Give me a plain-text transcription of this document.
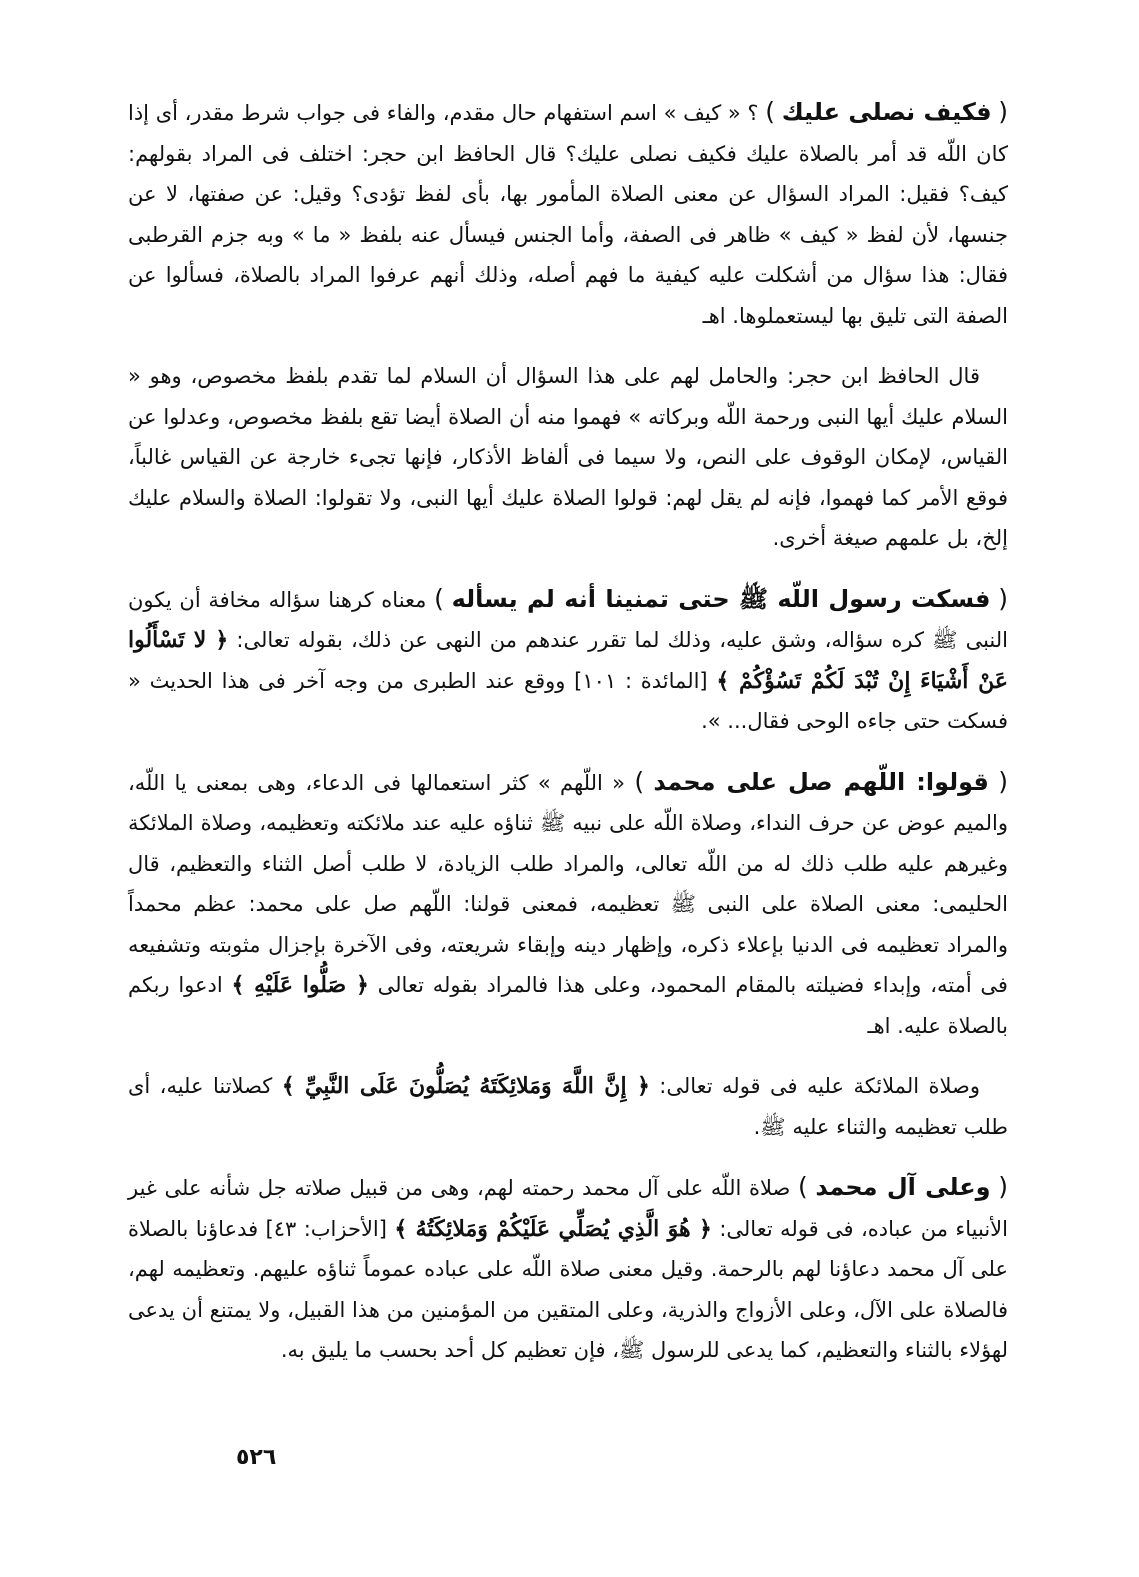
( فكيف نصلى عليك ) ؟ « كيف » اسم استفهام حال مقدم، والفاء فى جواب شرط مقدر، أى إذا كان اللّه قد أمر بالصلاة عليك فكيف نصلى عليك؟ قال الحافظ ابن حجر: اختلف فى المراد بقولهم: كيف؟ فقيل: المراد السؤال عن معنى الصلاة المأمور بها، بأى لفظ تؤدى؟ وقيل: عن صفتها، لا عن جنسها، لأن لفظ « كيف » ظاهر فى الصفة، وأما الجنس فيسأل عنه بلفظ « ما » وبه جزم القرطبى فقال: هذا سؤال من أشكلت عليه كيفية ما فهم أصله، وذلك أنهم عرفوا المراد بالصلاة، فسألوا عن الصفة التى تليق بها ليستعملوها. اهـ

قال الحافظ ابن حجر: والحامل لهم على هذا السؤال أن السلام لما تقدم بلفظ مخصوص، وهو « السلام عليك أيها النبى ورحمة اللّه وبركاته » فهموا منه أن الصلاة أيضا تقع بلفظ مخصوص، وعدلوا عن القياس، لإمكان الوقوف على النص، ولا سيما فى ألفاظ الأذكار، فإنها تجىء خارجة عن القياس غالباً، فوقع الأمر كما فهموا، فإنه لم يقل لهم: قولوا الصلاة عليك أيها النبى، ولا تقولوا: الصلاة والسلام عليك إلخ، بل علمهم صيغة أخرى.

( فسكت رسول اللّه ﷺ حتى تمنينا أنه لم يسأله ) معناه كرهنا سؤاله مخافة أن يكون النبى ﷺ كره سؤاله، وشق عليه، وذلك لما تقرر عندهم من النهى عن ذلك، بقوله تعالى: ﴿ لا تَسْأَلُوا عَنْ أَشْيَاءَ إِنْ تُبْدَ لَكُمْ تَسُؤْكُمْ ﴾ [المائدة : ١٠١] ووقع عند الطبرى من وجه آخر فى هذا الحديث « فسكت حتى جاءه الوحى فقال... ».

( قولوا: اللّهم صل على محمد ) « اللّهم » كثر استعمالها فى الدعاء، وهى بمعنى يا اللّه، والميم عوض عن حرف النداء، وصلاة اللّه على نبيه ﷺ ثناؤه عليه عند ملائكته وتعظيمه، وصلاة الملائكة وغيرهم عليه طلب ذلك له من اللّه تعالى، والمراد طلب الزيادة، لا طلب أصل الثناء والتعظيم، قال الحليمى: معنى الصلاة على النبى ﷺ تعظيمه، فمعنى قولنا: اللّهم صل على محمد: عظم محمداً والمراد تعظيمه فى الدنيا بإعلاء ذكره، وإظهار دينه وإبقاء شريعته، وفى الآخرة بإجزال مثوبته وتشفيعه فى أمته، وإبداء فضيلته بالمقام المحمود، وعلى هذا فالمراد بقوله تعالى ﴿ صَلُّوا عَلَيْهِ ﴾ ادعوا ربكم بالصلاة عليه. اهـ

وصلاة الملائكة عليه فى قوله تعالى: ﴿ إِنَّ اللَّهَ وَمَلائِكَتَهُ يُصَلُّونَ عَلَى النَّبِيِّ ﴾ كصلاتنا عليه، أى طلب تعظيمه والثناء عليه ﷺ.

( وعلى آل محمد ) صلاة اللّه على آل محمد رحمته لهم، وهى من قبيل صلاته جل شأنه على غير الأنبياء من عباده، فى قوله تعالى: ﴿ هُوَ الَّذِي يُصَلِّي عَلَيْكُمْ وَمَلائِكَتُهُ ﴾ [الأحزاب: ٤٣] فدعاؤنا بالصلاة على آل محمد دعاؤنا لهم بالرحمة. وقيل معنى صلاة اللّه على عباده عموماً ثناؤه عليهم. وتعظيمه لهم، فالصلاة على الآل، وعلى الأزواج والذرية، وعلى المتقين من المؤمنين من هذا القبيل، ولا يمتنع أن يدعى لهؤلاء بالثناء والتعظيم، كما يدعى للرسول ﷺ، فإن تعظيم كل أحد بحسب ما يليق به.

٥٢٦
